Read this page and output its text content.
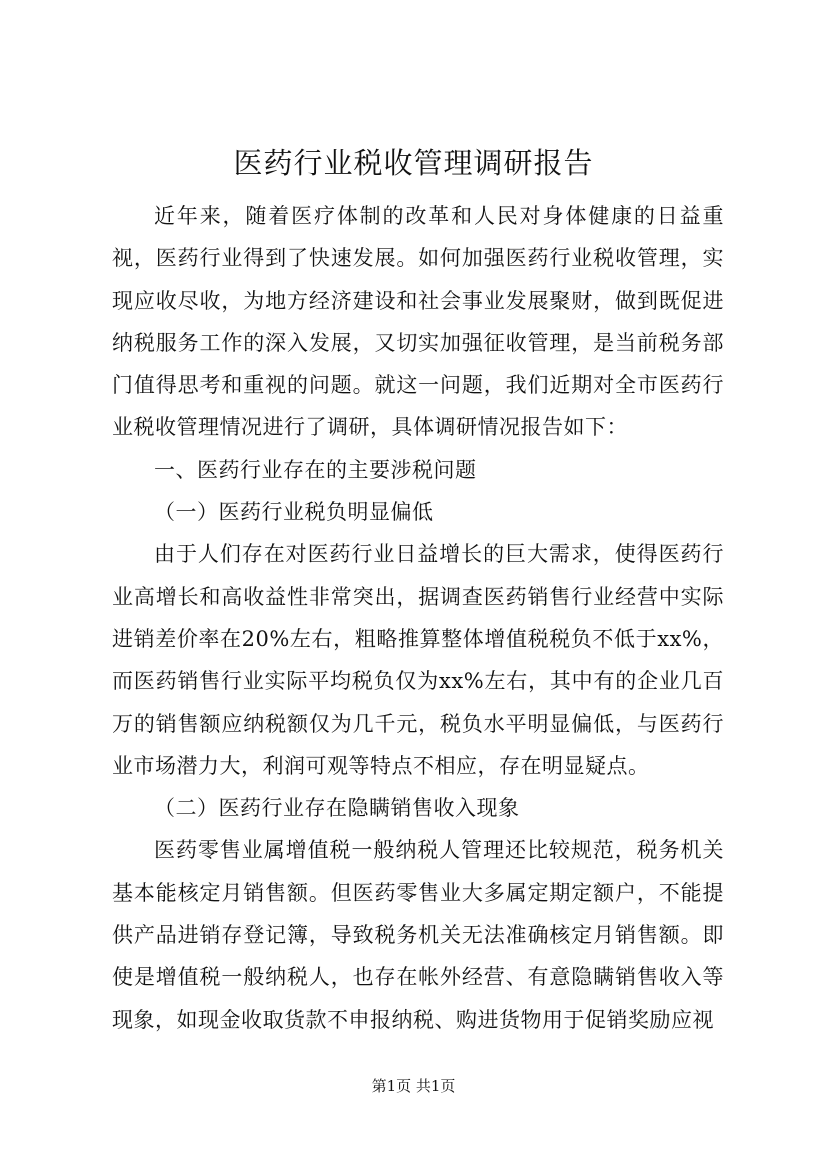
医药行业税收管理调研报告

近年来，随着医疗体制的改革和人民对身体健康的日益重视，医药行业得到了快速发展。如何加强医药行业税收管理，实现应收尽收，为地方经济建设和社会事业发展聚财，做到既促进纳税服务工作的深入发展，又切实加强征收管理，是当前税务部门值得思考和重视的问题。就这一问题，我们近期对全市医药行业税收管理情况进行了调研，具体调研情况报告如下：

一、医药行业存在的主要涉税问题

（一）医药行业税负明显偏低

由于人们存在对医药行业日益增长的巨大需求，使得医药行业高增长和高收益性非常突出，据调查医药销售行业经营中实际进销差价率在20%左右，粗略推算整体增值税税负不低于xx%，而医药销售行业实际平均税负仅为xx%左右，其中有的企业几百万的销售额应纳税额仅为几千元，税负水平明显偏低，与医药行业市场潜力大，利润可观等特点不相应，存在明显疑点。

（二）医药行业存在隐瞒销售收入现象

医药零售业属增值税一般纳税人管理还比较规范，税务机关基本能核定月销售额。但医药零售业大多属定期定额户，不能提供产品进销存登记簿，导致税务机关无法准确核定月销售额。即使是增值税一般纳税人，也存在帐外经营、有意隐瞒销售收入等现象，如现金收取货款不申报纳税、购进货物用于促销奖励应视

第1页 共1页
